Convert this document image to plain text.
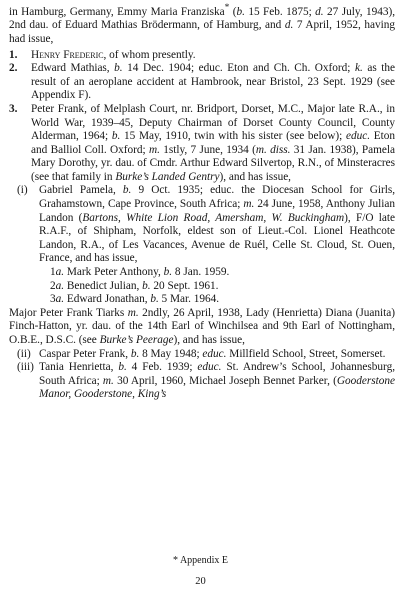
in Hamburg, Germany, Emmy Maria Franziska* (b. 15 Feb. 1875; d. 27 July, 1943), 2nd dau. of Eduard Mathias Brödermann, of Hamburg, and d. 7 April, 1952, having had issue,

1. Henry Frederic, of whom presently.

2. Edward Mathias, b. 14 Dec. 1904; educ. Eton and Ch. Ch. Oxford; k. as the result of an aeroplane accident at Hambrook, near Bristol, 23 Sept. 1929 (see Appendix F).

3. Peter Frank, of Melplash Court, nr. Bridport, Dorset, M.C., Major late R.A., in World War, 1939–45, Deputy Chairman of Dorset County Council, County Alderman, 1964; b. 15 May, 1910, twin with his sister (see below); educ. Eton and Balliol Coll. Oxford; m. 1stly, 7 June, 1934 (m. diss. 31 Jan. 1938), Pamela Mary Dorothy, yr. dau. of Cmdr. Arthur Edward Silvertop, R.N., of Minsteracres (see that family in Burke’s Landed Gentry), and has issue,

(i) Gabriel Pamela, b. 9 Oct. 1935; educ. the Diocesan School for Girls, Grahamstown, Cape Province, South Africa; m. 24 June, 1958, Anthony Julian Landon (Bartons, White Lion Road, Amersham, W. Buckingham), F/O late R.A.F., of Shipham, Norfolk, eldest son of Lieut.-Col. Lionel Heathcote Landon, R.A., of Les Vacances, Avenue de Ruél, Celle St. Cloud, St. Ouen, France, and has issue,

1a. Mark Peter Anthony, b. 8 Jan. 1959.

2a. Benedict Julian, b. 20 Sept. 1961.

3a. Edward Jonathan, b. 5 Mar. 1964.

Major Peter Frank Tiarks m. 2ndly, 26 April, 1938, Lady (Henrietta) Diana (Juanita) Finch-Hatton, yr. dau. of the 14th Earl of Winchilsea and 9th Earl of Nottingham, O.B.E., D.S.C. (see Burke’s Peerage), and has issue,

(ii) Caspar Peter Frank, b. 8 May 1948; educ. Millfield School, Street, Somerset.

(iii) Tania Henrietta, b. 4 Feb. 1939; educ. St. Andrew’s School, Johannesburg, South Africa; m. 30 April, 1960, Michael Joseph Bennet Parker, (Gooderstone Manor, Gooderstone, King’s

* Appendix E
20
